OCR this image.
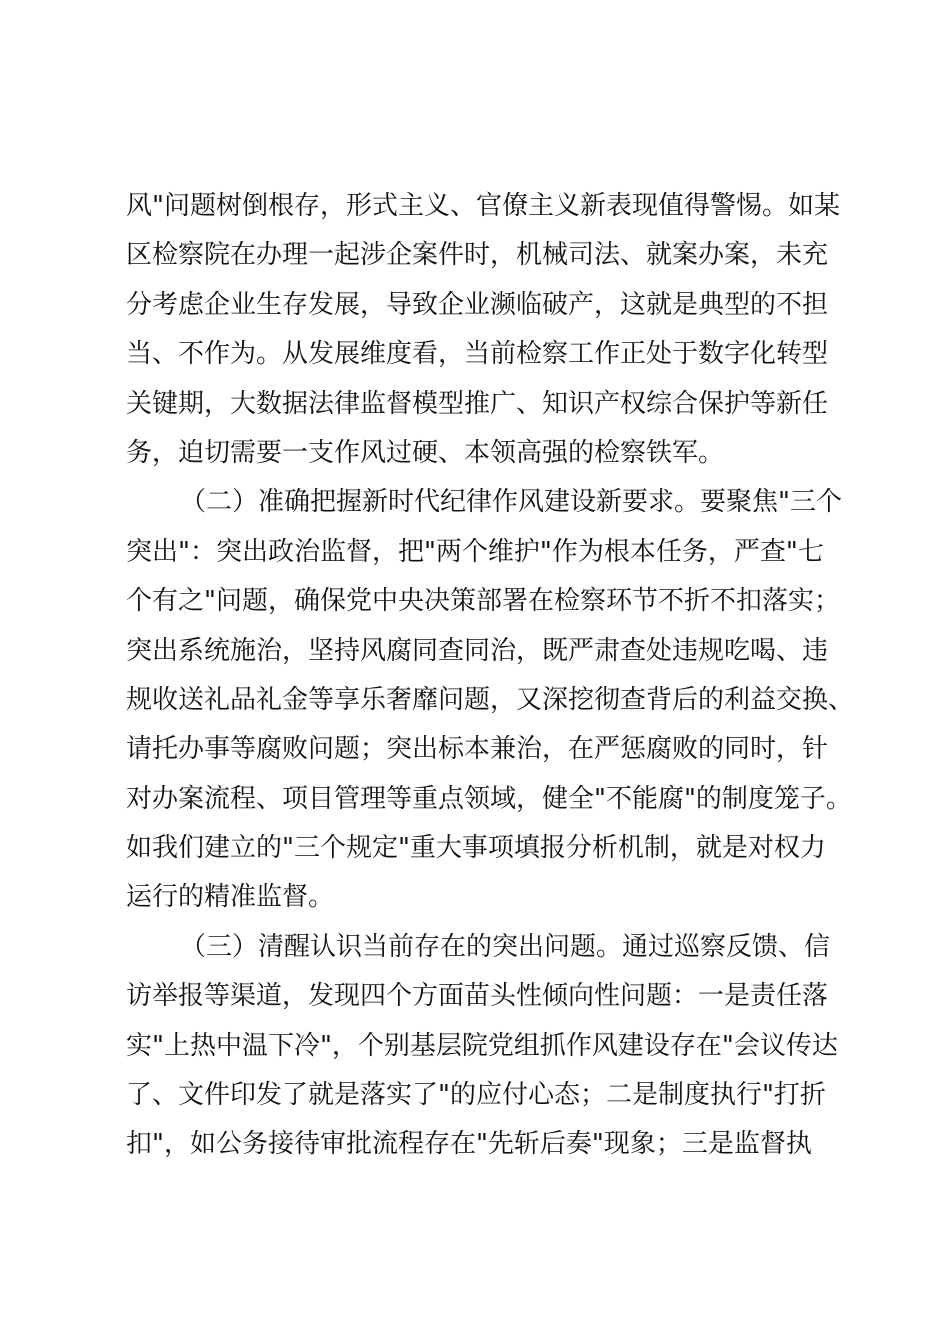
风"问题树倒根存，形式主义、官僚主义新表现值得警惕。如某
区检察院在办理一起涉企案件时，机械司法、就案办案，未充
分考虑企业生存发展，导致企业濒临破产，这就是典型的不担
当、不作为。从发展维度看，当前检察工作正处于数字化转型
关键期，大数据法律监督模型推广、知识产权综合保护等新任
务，迫切需要一支作风过硬、本领高强的检察铁军。
（二）准确把握新时代纪律作风建设新要求。要聚焦"三个
突出"：突出政治监督，把"两个维护"作为根本任务，严查"七
个有之"问题，确保党中央决策部署在检察环节不折不扣落实；
突出系统施治，坚持风腐同查同治，既严肃查处违规吃喝、违
规收送礼品礼金等享乐奢靡问题，又深挖彻查背后的利益交换、
请托办事等腐败问题；突出标本兼治，在严惩腐败的同时，针
对办案流程、项目管理等重点领域，健全"不能腐"的制度笼子。
如我们建立的"三个规定"重大事项填报分析机制，就是对权力
运行的精准监督。
（三）清醒认识当前存在的突出问题。通过巡察反馈、信
访举报等渠道，发现四个方面苗头性倾向性问题：一是责任落
实"上热中温下冷"，个别基层院党组抓作风建设存在"会议传达
了、文件印发了就是落实了"的应付心态；二是制度执行"打折
扣"，如公务接待审批流程存在"先斩后奏"现象；三是监督执
